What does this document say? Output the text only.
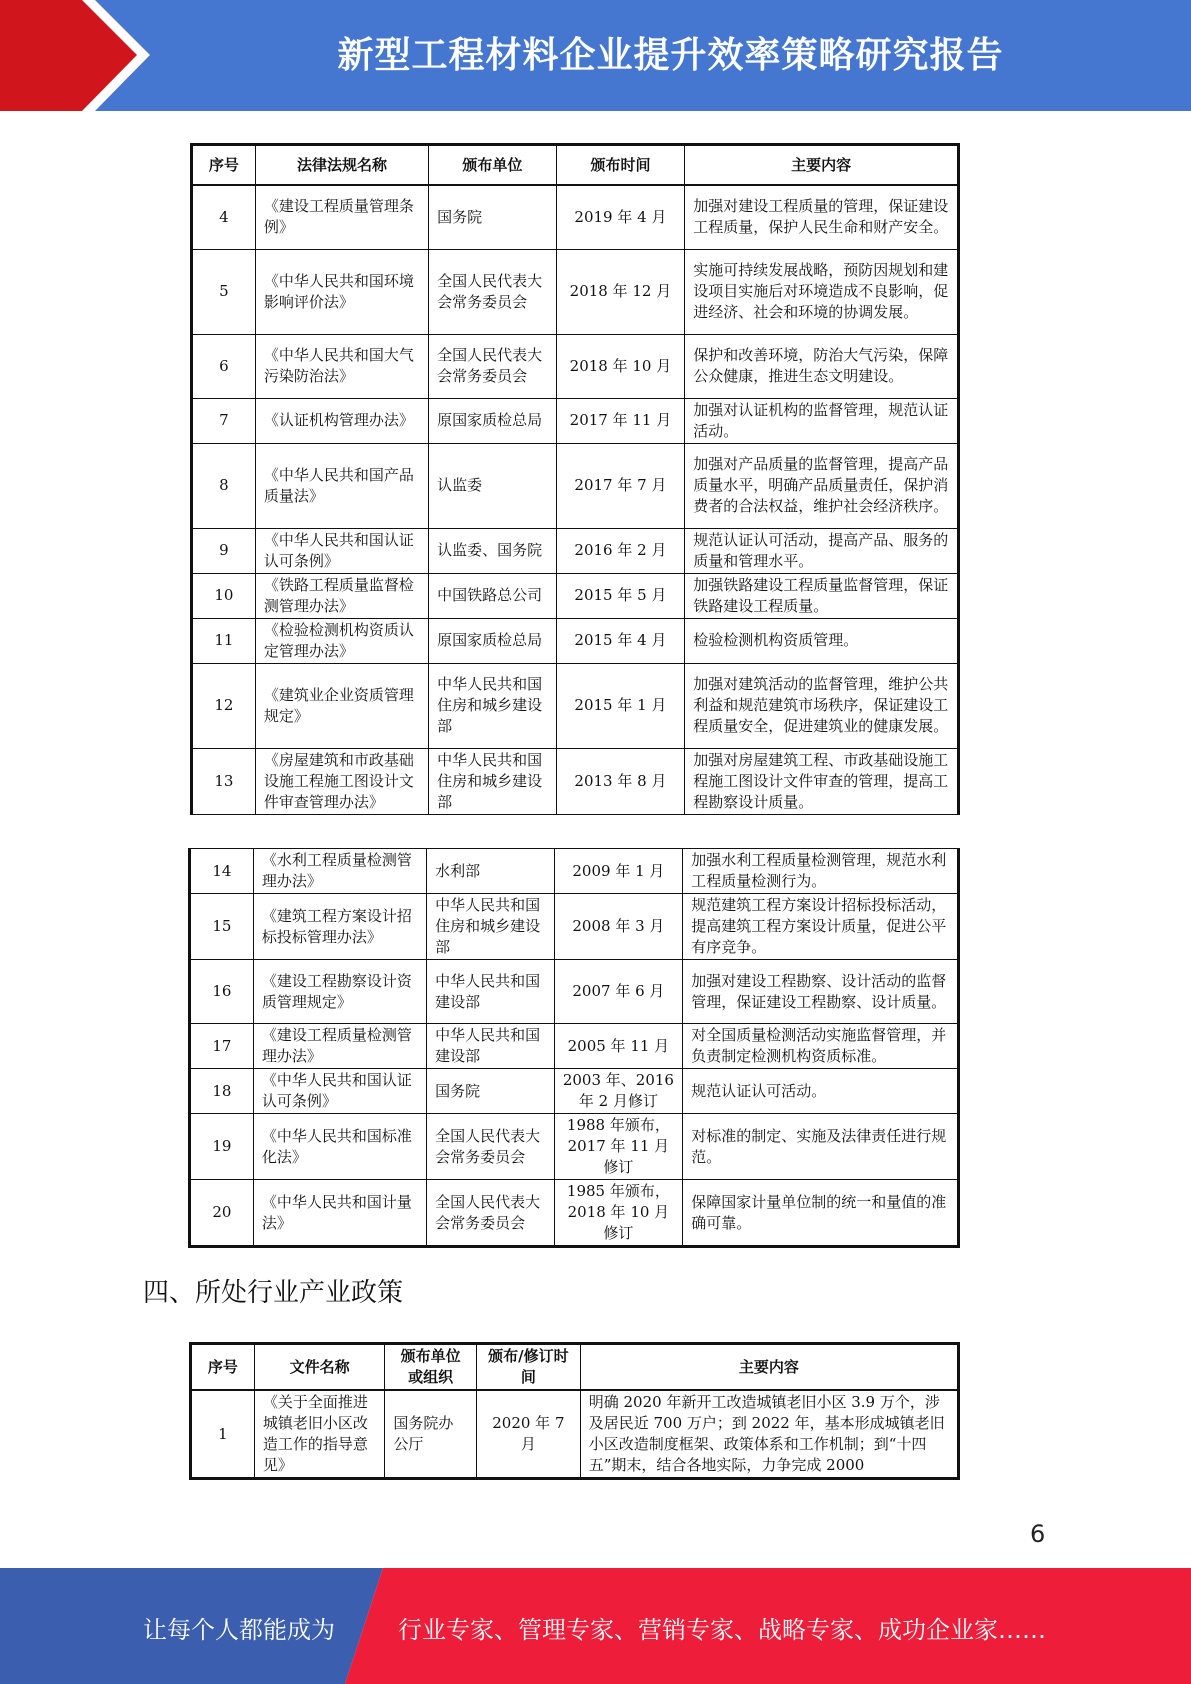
新型工程材料企业提升效率策略研究报告
序号	法律法规名称	颁布单位	颁布时间	主要内容
4	《建设工程质量管理条例》	国务院	2019 年 4 月	加强对建设工程质量的管理，保证建设工程质量，保护人民生命和财产安全。
5	《中华人民共和国环境影响评价法》	全国人民代表大会常务委员会	2018 年 12 月	实施可持续发展战略，预防因规划和建设项目实施后对环境造成不良影响，促进经济、社会和环境的协调发展。
6	《中华人民共和国大气污染防治法》	全国人民代表大会常务委员会	2018 年 10 月	保护和改善环境，防治大气污染，保障公众健康，推进生态文明建设。
7	《认证机构管理办法》	原国家质检总局	2017 年 11 月	加强对认证机构的监督管理，规范认证活动。
8	《中华人民共和国产品质量法》	认监委	2017 年 7 月	加强对产品质量的监督管理，提高产品质量水平，明确产品质量责任，保护消费者的合法权益，维护社会经济秩序。
9	《中华人民共和国认证认可条例》	认监委、国务院	2016 年 2 月	规范认证认可活动，提高产品、服务的质量和管理水平。
10	《铁路工程质量监督检测管理办法》	中国铁路总公司	2015 年 5 月	加强铁路建设工程质量监督管理，保证铁路建设工程质量。
11	《检验检测机构资质认定管理办法》	原国家质检总局	2015 年 4 月	检验检测机构资质管理。
12	《建筑业企业资质管理规定》	中华人民共和国住房和城乡建设部	2015 年 1 月	加强对建筑活动的监督管理，维护公共利益和规范建筑市场秩序，保证建设工程质量安全，促进建筑业的健康发展。
13	《房屋建筑和市政基础设施工程施工图设计文件审查管理办法》	中华人民共和国住房和城乡建设部	2013 年 8 月	加强对房屋建筑工程、市政基础设施工程施工图设计文件审查的管理，提高工程勘察设计质量。
14	《水利工程质量检测管理办法》	水利部	2009 年 1 月	加强水利工程质量检测管理，规范水利工程质量检测行为。
15	《建筑工程方案设计招标投标管理办法》	中华人民共和国住房和城乡建设部	2008 年 3 月	规范建筑工程方案设计招标投标活动，提高建筑工程方案设计质量，促进公平有序竞争。
16	《建设工程勘察设计资质管理规定》	中华人民共和国建设部	2007 年 6 月	加强对建设工程勘察、设计活动的监督管理，保证建设工程勘察、设计质量。
17	《建设工程质量检测管理办法》	中华人民共和国建设部	2005 年 11 月	对全国质量检测活动实施监督管理，并负责制定检测机构资质标准。
18	《中华人民共和国认证认可条例》	国务院	2003 年、2016 年 2 月修订	规范认证认可活动。
19	《中华人民共和国标准化法》	全国人民代表大会常务委员会	1988 年颁布，2017 年 11 月修订	对标准的制定、实施及法律责任进行规范。
20	《中华人民共和国计量法》	全国人民代表大会常务委员会	1985 年颁布，2018 年 10 月修订	保障国家计量单位制的统一和量值的准确可靠。
四、所处行业产业政策
序号	文件名称	颁布单位或组织	颁布/修订时间	主要内容
1	《关于全面推进城镇老旧小区改造工作的指导意见》	国务院办公厅	2020 年 7 月	明确 2020 年新开工改造城镇老旧小区 3.9 万个，涉及居民近 700 万户；到 2022 年，基本形成城镇老旧小区改造制度框架、政策体系和工作机制；到“十四五”期末，结合各地实际，力争完成 2000
6
让每个人都能成为	行业专家、管理专家、营销专家、战略专家、成功企业家……
